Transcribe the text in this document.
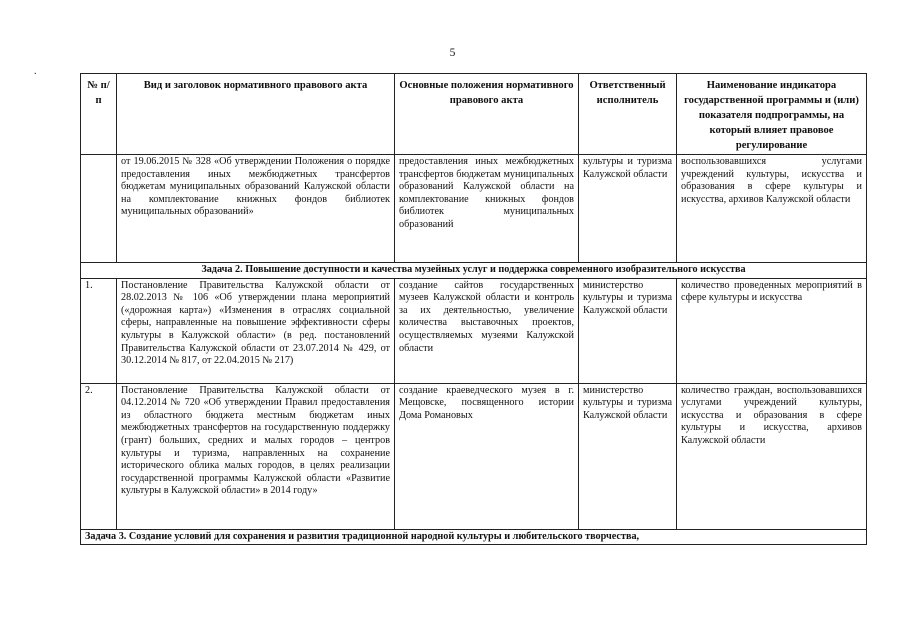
5
.
№ п/п	Вид и заголовок нормативного правового акта	Основные положения нормативного правового акта	Ответственный исполнитель	Наименование индикатора государственной программы и (или) показателя подпрограммы, на который влияет правовое регулирование
	от 19.06.2015 № 328 «Об утверждении Положения о порядке предоставления иных межбюджетных трансфертов бюджетам муниципальных образований Калужской области на комплектование книжных фондов библиотек муниципальных образований»	предоставления иных межбюджетных трансфертов бюджетам муниципальных образований Калужской области на комплектование книжных фондов библиотек муниципальных образований	культуры и туризма Калужской области	воспользовавшихся услугами учреждений культуры, искусства и образования в сфере культуры и искусства, архивов Калужской области
Задача 2. Повышение доступности и качества музейных услуг и поддержка современного изобразительного искусства				
1.	Постановление Правительства Калужской области от 28.02.2013 № 106 «Об утверждении плана мероприятий («дорожная карта») «Изменения в отраслях социальной сферы, направленные на повышение эффективности сферы культуры в Калужской области» (в ред. постановлений Правительства Калужской области от 23.07.2014 № 429, от 30.12.2014 № 817, от 22.04.2015 № 217)	создание сайтов государственных музеев Калужской области и контроль за их деятельностью, увеличение количества выставочных проектов, осуществляемых музеями Калужской области	министерство культуры и туризма Калужской области	количество проведенных мероприятий в сфере культуры и искусства
2.	Постановление Правительства Калужской области от 04.12.2014 № 720 «Об утверждении Правил предоставления из областного бюджета местным бюджетам иных межбюджетных трансфертов на государственную поддержку (грант) больших, средних и малых городов – центров культуры и туризма, направленных на сохранение исторического облика малых городов, в целях реализации государственной программы Калужской области «Развитие культуры в Калужской области» в 2014 году»	создание краеведческого музея в г. Мещовске, посвященного истории Дома Романовых	министерство культуры и туризма Калужской области	количество граждан, воспользовавшихся услугами учреждений культуры, искусства и образования в сфере культуры и искусства, архивов Калужской области
Задача 3. Создание условий для сохранения и развития традиционной народной культуры и любительского творчества,				
